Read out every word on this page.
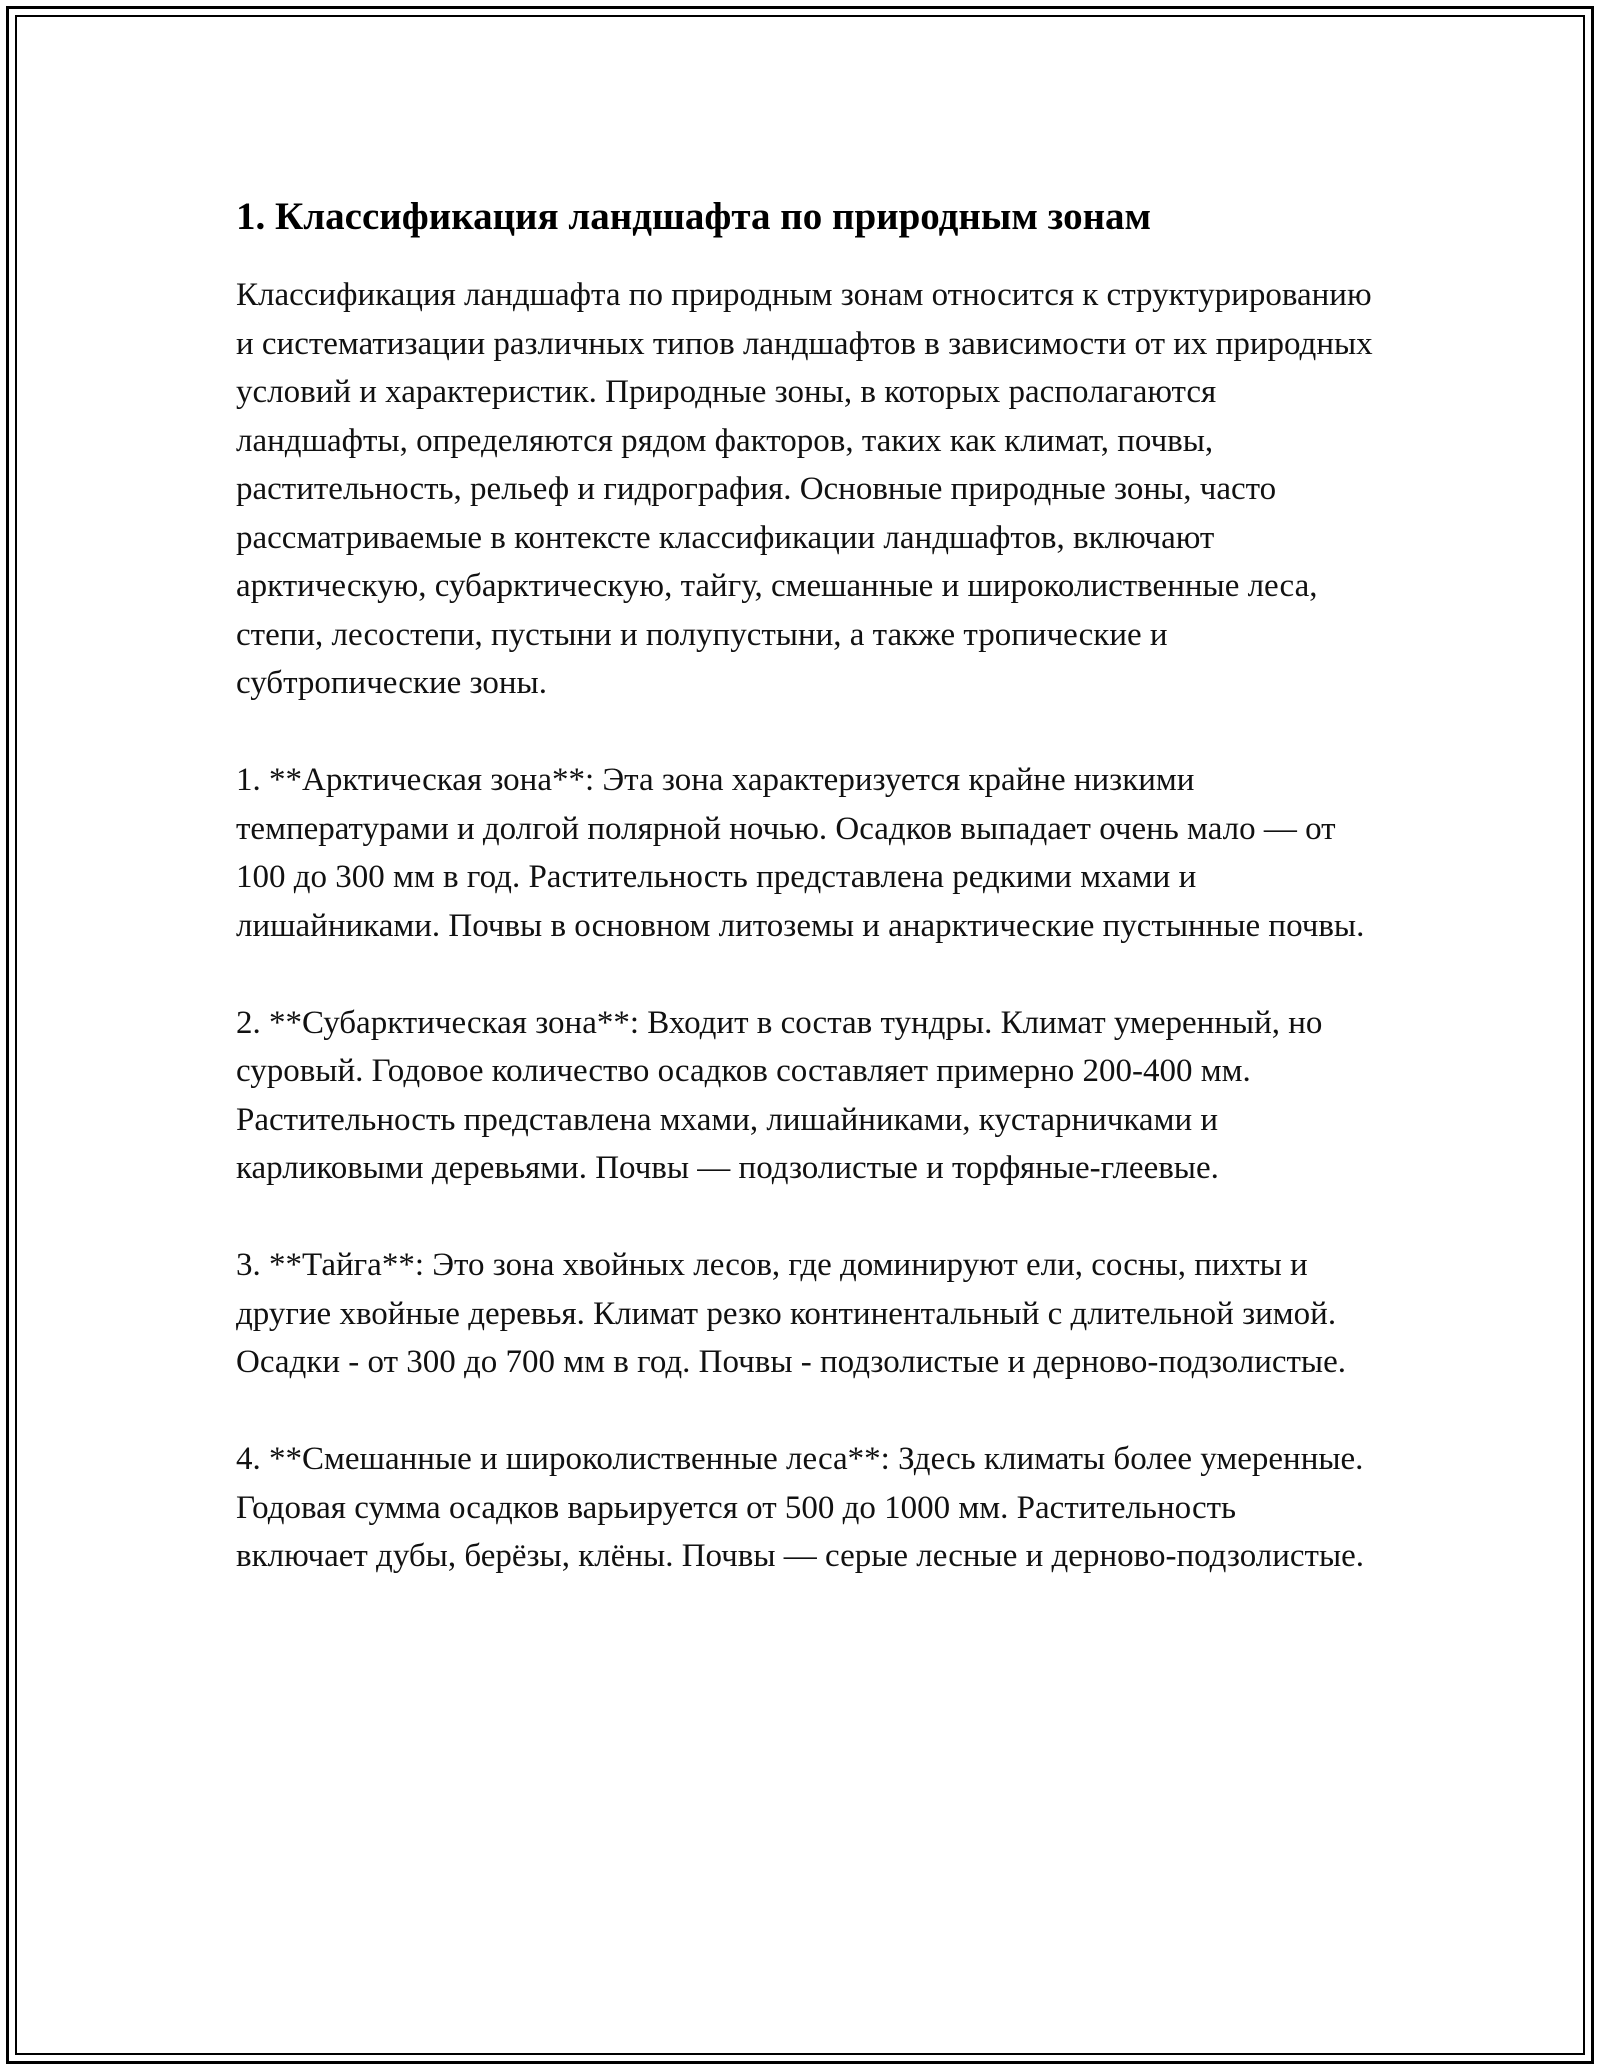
1. Классификация ландшафта по природным зонам

Классификация ландшафта по природным зонам относится к структурированию и систематизации различных типов ландшафтов в зависимости от их природных условий и характеристик. Природные зоны, в которых располагаются ландшафты, определяются рядом факторов, таких как климат, почвы, растительность, рельеф и гидрография. Основные природные зоны, часто рассматриваемые в контексте классификации ландшафтов, включают арктическую, субарктическую, тайгу, смешанные и широколиственные леса, степи, лесостепи, пустыни и полупустыни, а также тропические и субтропические зоны.

1. **Арктическая зона**: Эта зона характеризуется крайне низкими температурами и долгой полярной ночью. Осадков выпадает очень мало — от 100 до 300 мм в год. Растительность представлена редкими мхами и лишайниками. Почвы в основном литоземы и анарктические пустынные почвы.

2. **Субарктическая зона**: Входит в состав тундры. Климат умеренный, но суровый. Годовое количество осадков составляет примерно 200-400 мм. Растительность представлена мхами, лишайниками, кустарничками и карликовыми деревьями. Почвы — подзолистые и торфяные-глеевые.

3. **Тайга**: Это зона хвойных лесов, где доминируют ели, сосны, пихты и другие хвойные деревья. Климат резко континентальный с длительной зимой. Осадки - от 300 до 700 мм в год. Почвы - подзолистые и дерново-подзолистые.

4. **Смешанные и широколиственные леса**: Здесь климаты более умеренные. Годовая сумма осадков варьируется от 500 до 1000 мм. Растительность включает дубы, берёзы, клёны. Почвы — серые лесные и дерново-подзолистые.
